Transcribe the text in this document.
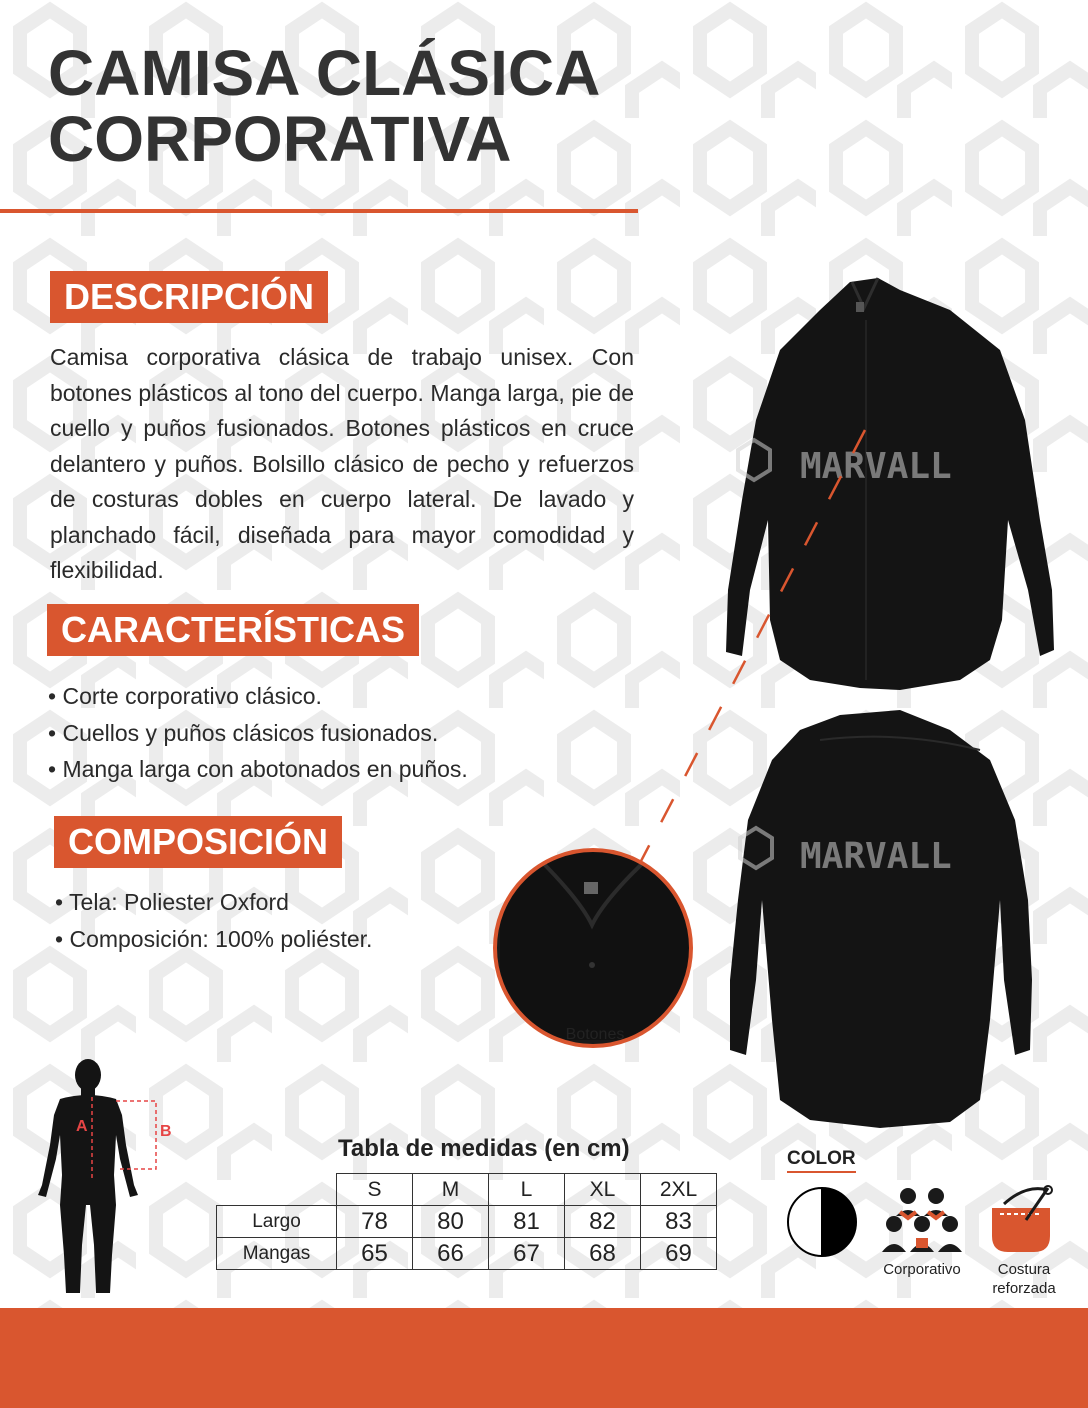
CAMISA CLÁSICA
CORPORATIVA
DESCRIPCIÓN

Camisa corporativa clásica de trabajo unisex. Con botones plásticos al tono del cuerpo. Manga larga, pie de cuello y puños fusionados. Botones plásticos en cruce delantero y puños. Bolsillo clásico de pecho y refuerzos de costuras dobles en cuerpo lateral. De lavado y planchado fácil, diseñada para mayor comodidad y flexibilidad.

CARACTERÍSTICAS
• Corte corporativo clásico.
• Cuellos y puños clásicos fusionados.
• Manga larga con abotonados en puños.
COMPOSICIÓN
• Tela: Poliester Oxford
• Composición: 100% poliéster.
MARVALL
MARVALL
Botones
A	B
Tabla de medidas (en cm)
	S	M	L	XL	2XL
Largo	78	80	81	82	83
Mangas	65	66	67	68	69
COLOR
Corporativo	Costura
reforzada
